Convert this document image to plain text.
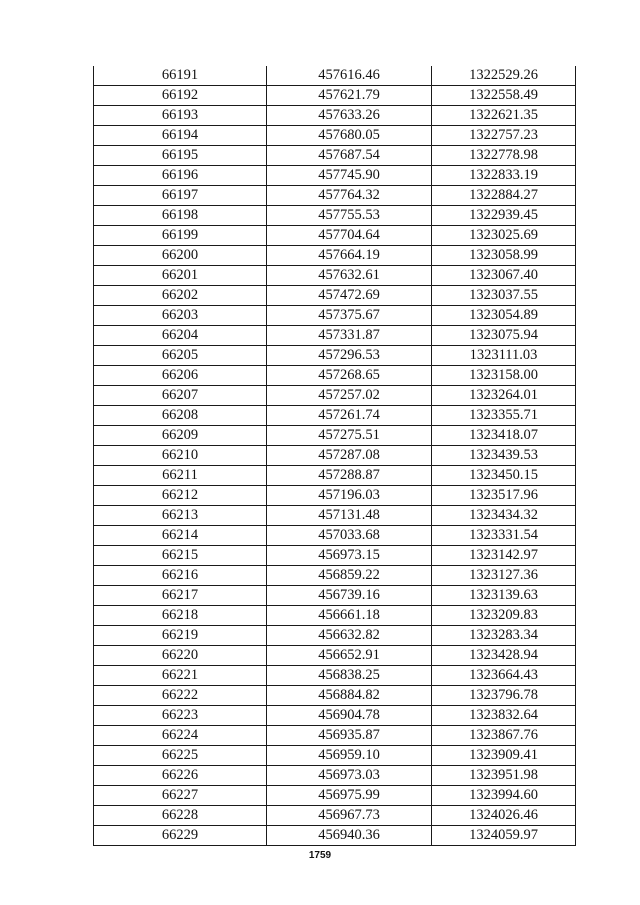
66191	457616.46	1322529.26
66192	457621.79	1322558.49
66193	457633.26	1322621.35
66194	457680.05	1322757.23
66195	457687.54	1322778.98
66196	457745.90	1322833.19
66197	457764.32	1322884.27
66198	457755.53	1322939.45
66199	457704.64	1323025.69
66200	457664.19	1323058.99
66201	457632.61	1323067.40
66202	457472.69	1323037.55
66203	457375.67	1323054.89
66204	457331.87	1323075.94
66205	457296.53	1323111.03
66206	457268.65	1323158.00
66207	457257.02	1323264.01
66208	457261.74	1323355.71
66209	457275.51	1323418.07
66210	457287.08	1323439.53
66211	457288.87	1323450.15
66212	457196.03	1323517.96
66213	457131.48	1323434.32
66214	457033.68	1323331.54
66215	456973.15	1323142.97
66216	456859.22	1323127.36
66217	456739.16	1323139.63
66218	456661.18	1323209.83
66219	456632.82	1323283.34
66220	456652.91	1323428.94
66221	456838.25	1323664.43
66222	456884.82	1323796.78
66223	456904.78	1323832.64
66224	456935.87	1323867.76
66225	456959.10	1323909.41
66226	456973.03	1323951.98
66227	456975.99	1323994.60
66228	456967.73	1324026.46
66229	456940.36	1324059.97
1759
